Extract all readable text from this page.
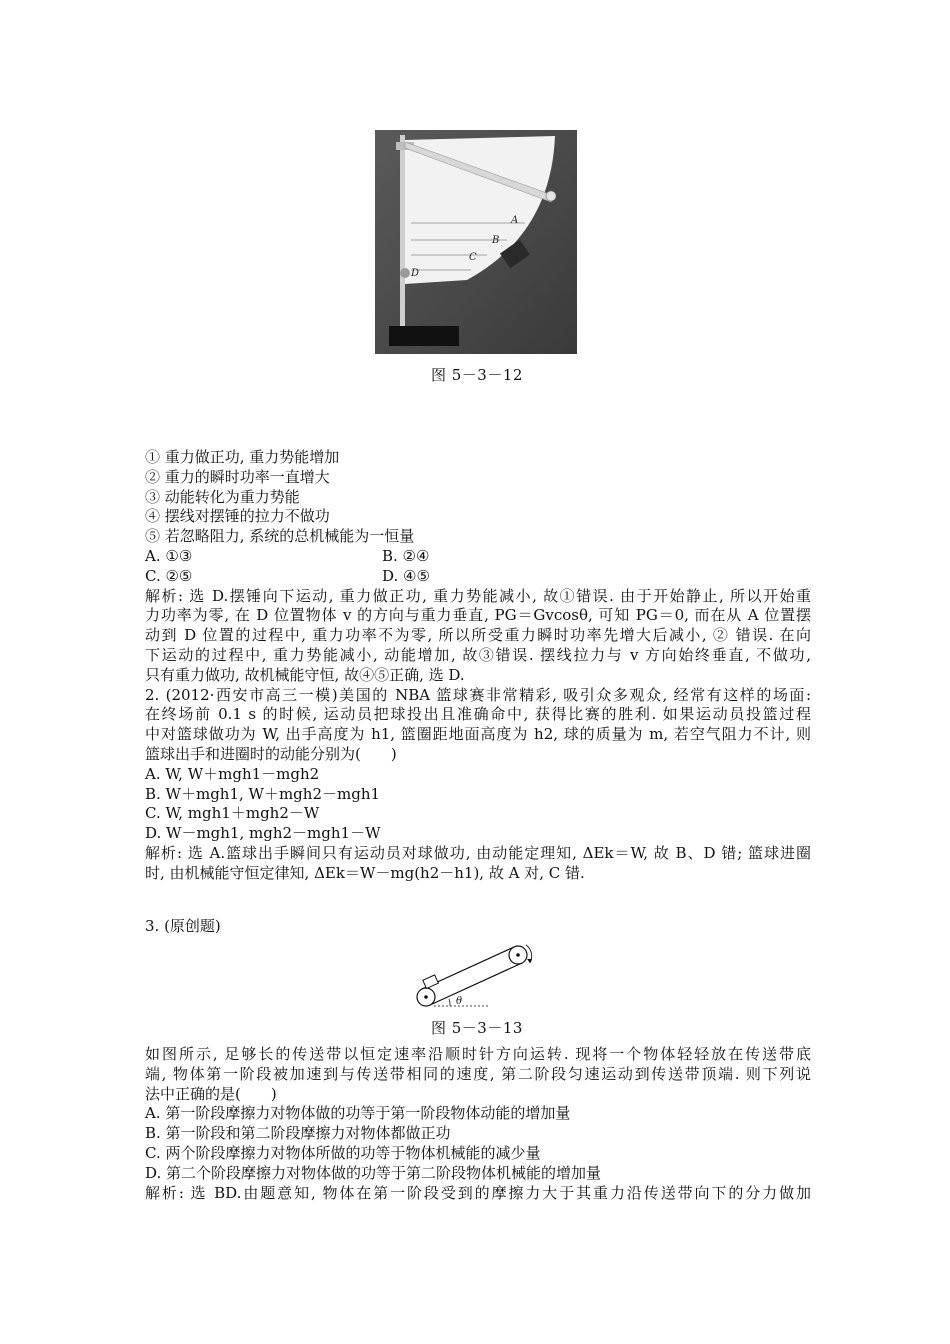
A
B
C
D
图 5－3－12
① 重力做正功, 重力势能增加
② 重力的瞬时功率一直增大
③ 动能转化为重力势能
④ 摆线对摆锤的拉力不做功
⑤ 若忽略阻力, 系统的总机械能为一恒量
A. ①③	B. ②④
C. ②⑤	D. ④⑤
解析: 选 D.摆锤向下运动, 重力做正功, 重力势能减小, 故①错误. 由于开始静止, 所以开始重
力功率为零, 在 D 位置物体 v 的方向与重力垂直, PG＝Gvcosθ, 可知 PG＝0, 而在从 A 位置摆
动到 D 位置的过程中, 重力功率不为零, 所以所受重力瞬时功率先增大后减小, ② 错误. 在向
下运动的过程中, 重力势能减小, 动能增加, 故③错误. 摆线拉力与 v 方向始终垂直, 不做功,
只有重力做功, 故机械能守恒, 故④⑤正确, 选 D.
2. (2012·西安市高三一模)美国的 NBA 篮球赛非常精彩, 吸引众多观众, 经常有这样的场面:
在终场前 0.1 s 的时候, 运动员把球投出且准确命中, 获得比赛的胜利. 如果运动员投篮过程
中对篮球做功为 W, 出手高度为 h1, 篮圈距地面高度为 h2, 球的质量为 m, 若空气阻力不计, 则
篮球出手和进圈时的动能分别为(　　)
A. W, W＋mgh1－mgh2
B. W＋mgh1, W＋mgh2－mgh1
C. W, mgh1＋mgh2－W
D. W－mgh1, mgh2－mgh1－W
解析: 选 A.篮球出手瞬间只有运动员对球做功, 由动能定理知, ΔEk＝W, 故 B、D 错; 篮球进圈
时, 由机械能守恒定律知, ΔEk＝W－mg(h2－h1), 故 A 对, C 错.
3. (原创题)
θ
图 5－3－13
如图所示, 足够长的传送带以恒定速率沿顺时针方向运转. 现将一个物体轻轻放在传送带底
端, 物体第一阶段被加速到与传送带相同的速度, 第二阶段匀速运动到传送带顶端. 则下列说
法中正确的是(　　)
A. 第一阶段摩擦力对物体做的功等于第一阶段物体动能的增加量
B. 第一阶段和第二阶段摩擦力对物体都做正功
C. 两个阶段摩擦力对物体所做的功等于物体机械能的减少量
D. 第二个阶段摩擦力对物体做的功等于第二阶段物体机械能的增加量
解析: 选 BD.由题意知, 物体在第一阶段受到的摩擦力大于其重力沿传送带向下的分力做加
